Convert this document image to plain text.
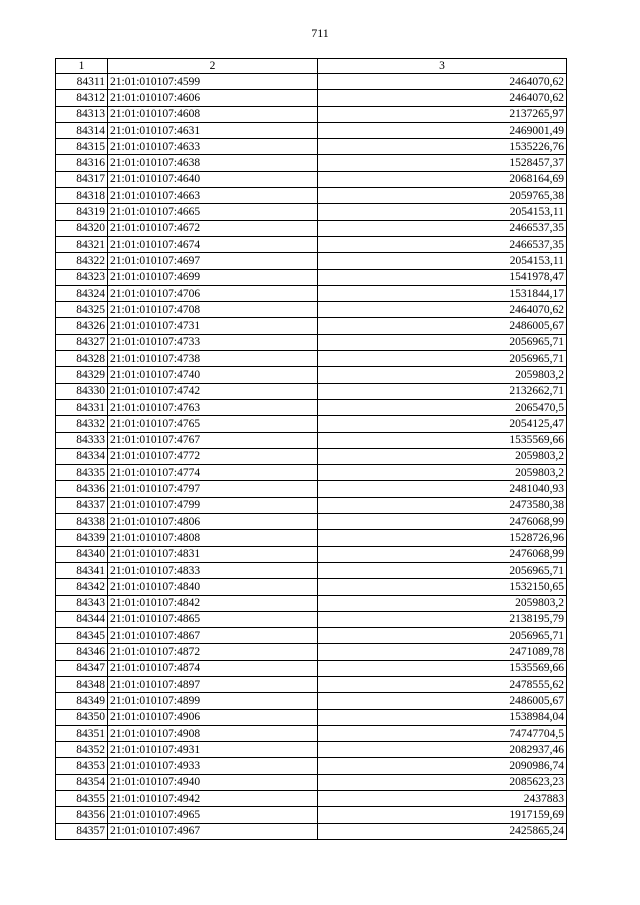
711
1	2	3
84311	21:01:010107:4599	2464070,62
84312	21:01:010107:4606	2464070,62
84313	21:01:010107:4608	2137265,97
84314	21:01:010107:4631	2469001,49
84315	21:01:010107:4633	1535226,76
84316	21:01:010107:4638	1528457,37
84317	21:01:010107:4640	2068164,69
84318	21:01:010107:4663	2059765,38
84319	21:01:010107:4665	2054153,11
84320	21:01:010107:4672	2466537,35
84321	21:01:010107:4674	2466537,35
84322	21:01:010107:4697	2054153,11
84323	21:01:010107:4699	1541978,47
84324	21:01:010107:4706	1531844,17
84325	21:01:010107:4708	2464070,62
84326	21:01:010107:4731	2486005,67
84327	21:01:010107:4733	2056965,71
84328	21:01:010107:4738	2056965,71
84329	21:01:010107:4740	2059803,2
84330	21:01:010107:4742	2132662,71
84331	21:01:010107:4763	2065470,5
84332	21:01:010107:4765	2054125,47
84333	21:01:010107:4767	1535569,66
84334	21:01:010107:4772	2059803,2
84335	21:01:010107:4774	2059803,2
84336	21:01:010107:4797	2481040,93
84337	21:01:010107:4799	2473580,38
84338	21:01:010107:4806	2476068,99
84339	21:01:010107:4808	1528726,96
84340	21:01:010107:4831	2476068,99
84341	21:01:010107:4833	2056965,71
84342	21:01:010107:4840	1532150,65
84343	21:01:010107:4842	2059803,2
84344	21:01:010107:4865	2138195,79
84345	21:01:010107:4867	2056965,71
84346	21:01:010107:4872	2471089,78
84347	21:01:010107:4874	1535569,66
84348	21:01:010107:4897	2478555,62
84349	21:01:010107:4899	2486005,67
84350	21:01:010107:4906	1538984,04
84351	21:01:010107:4908	74747704,5
84352	21:01:010107:4931	2082937,46
84353	21:01:010107:4933	2090986,74
84354	21:01:010107:4940	2085623,23
84355	21:01:010107:4942	2437883
84356	21:01:010107:4965	1917159,69
84357	21:01:010107:4967	2425865,24
